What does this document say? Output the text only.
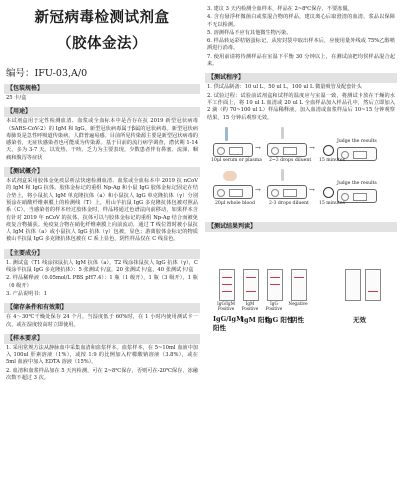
新冠病毒检测试剂盒
（胶体金法）
编号：IFU-03,A/0
【包装规格】
25 卡/盒
【用途】
本试剂盒用于定性检测血清、血浆或全血标本中是否存在抗 2019 新型冠状病毒（SARS-CoV-2）的 IgM 和 IgG。新型冠状病毒属于β属的冠状病毒。新型冠状病毒肺炎是急性呼吸道传染病，人群普遍易感。目前所见传染源主要是新型冠状病毒的感染者，无症状感染者也可能成为传染源。基于目前的流行病学调查，潜伏期 1-14 天，多为 3-7 天。以发热、干咳、乏力为主要表现。少数患者伴有鼻塞、流涕、咽痛和腹泻等症状
【测试概介】
本试剂盒采用胶体金免疫层析法快速检测血清、血浆或全血标本中 2019 抗 nCoV 的 IgM 和 IgG 抗体。胶体金标记的重组 Np-Ag 和小鼠 IgG 胶体金标记固定在结合垫上，将小鼠抗人 IgM 单克隆抗体（a）和小鼠抗人 IgG 单克隆抗体（γ）分别预涂在硝酸纤维素膜上的检测线（T）上，用山羊抗鼠 IgG 多克隆抗体包被对照品系（C）。当感染者的样本经过胶体金时，样品将通过色谱法向前移动，如果样本含有针对 2019 年 nCoV 的抗体，抗体可以与胶体金标记的重组 Np-Ag 结合而被免疫复合物捕获。免疫复合物在硝化纤维素膜上向前流动，通过 T 线位置时被小鼠抗人 IgM 抗体（a）或小鼠抗人 IgG 抗体（γ）包被，显色；游离胶体金标记的物质被山羊抗鼠 IgG 多克隆抗体包被在 C 系上显色，阴性样品仅在 C 线显色。
【主要成分】

1. 测试盒（T1 线涂抹鼠抗人 IgM 抗体（a），T2 线涂抹鼠抗人 IgG 抗体（γ），C 线涂羊抗鼠 IgG 多克隆抗体）：5 张测试卡/盒，20 张测试卡/盒，40 张测试卡/盒

2. 样品稀释液（0.05mol/L PBS pH7.4）：1 瓶（1 级开），1 瓶（3 级开），1 瓶（6 级开）

3. 产品说明书：1

【储存条件和有效期】
在 4～30℃干燥处保存 24 个月。当湿度低于 60%时，在 1 小时内使用测试卡一次，或在湿度较高时立即使用。
【样本要求】

1. 采用常规方法从静脉血中采集血清和血浆样本。血浆样本，在 5~10ml 血液中加入 100ul 肝素溶液（1%），或按 1:9 的比例加入柠檬酸钠溶液（3.8%），或在 5ml 血液中加入 EDTA 溶液（15%）。

2. 血清和血浆样品加在 5 天内检测，可在 2~8℃保存，否则可在-20℃保存，冻融次数不超过 3 次。

3. 建议 3 天内检测全血样本，样品在 2~8℃保存，不要冻僵。

4. 含有悬浮杆微菌白或浆混合物的样品，建议离心后取澄清的血清、浆品以保障不无以检测。

5. 溶测样品不应有其他微生物污染。

6. 样品转运彩桔铬蛋标记，从密封袋中取出样本后，应使用量外线或 75%乙醇喷洒进行消毒。

7. 使用前请将待测样品在室温下平衡 30 分钟以上，在测试前把均侯样品混合起来。

【测试程序】

1. 供试品制备：10 ul L、50 ul L，100 ul L 微量吸管及配套针头

2. 试验过程：试验前试剂盒和试样的温度应与室温一致，将测试卡放在干燥的水平工作面上，将 10 ul L 血清或 20 ul L 全血样品加入样品孔中，然后立即加入 2 滴（约 70~100 ul L）样品稀释液。加入血清或血浆样品后 10~15 分钟观察结果，15 分钟后观察无效。

10μl serum or plasma
→
2~3 drops diluent
→
Judge the results
15 minutes
20μl whole blood
→
2-3 drops diluent
→
Judge the results
15 minutes
【测试结果判读】
IgG/IgM Positive
IgM Positive
IgG Positive
Negative
IgG/IgM 阳性
IgM 阳性
IgG 阳性
阴性	无效
